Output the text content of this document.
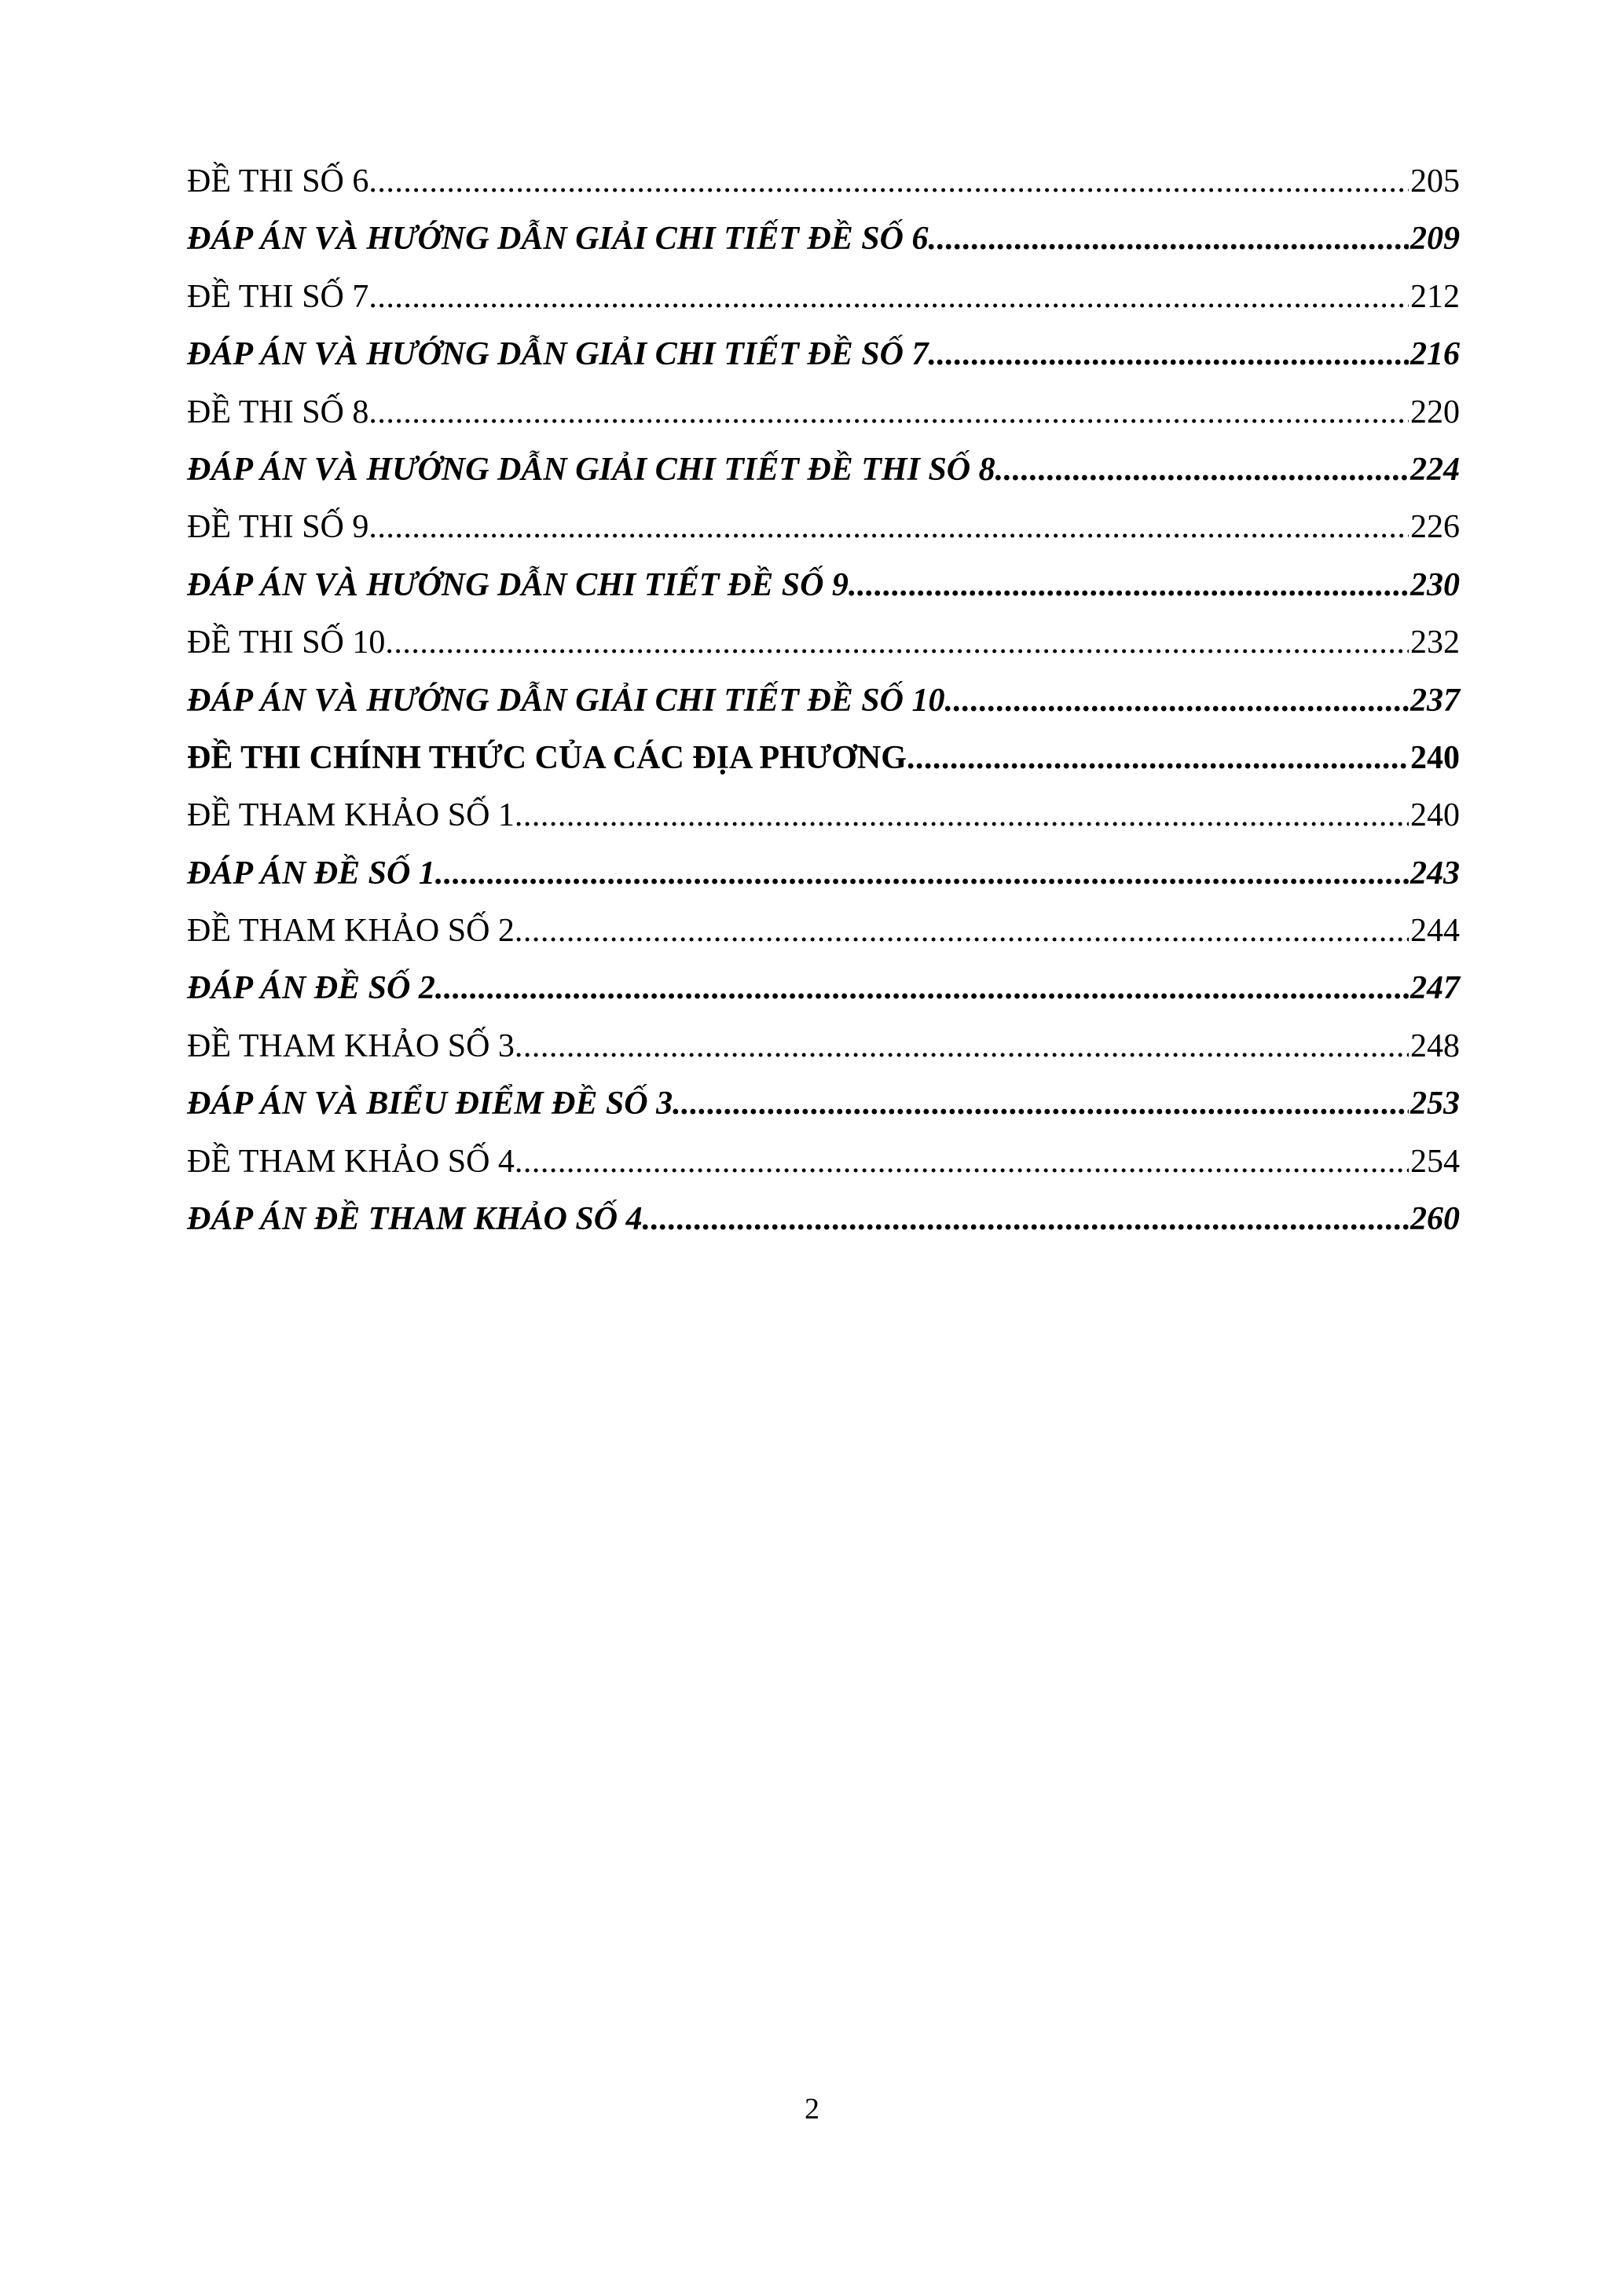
ĐỀ THI SỐ 6 .....	205
ĐÁP ÁN VÀ HƯỚNG DẪN GIẢI CHI TIẾT ĐỀ SỐ 6 .....	209
ĐỀ THI SỐ 7 .....	212
ĐÁP ÁN VÀ HƯỚNG DẪN GIẢI CHI TIẾT ĐỀ SỐ 7 .....	216
ĐỀ THI SỐ 8 .....	220
ĐÁP ÁN VÀ HƯỚNG DẪN GIẢI CHI TIẾT ĐỀ THI SỐ 8 .....	224
ĐỀ THI SỐ 9 .....	226
ĐÁP ÁN VÀ HƯỚNG DẪN CHI TIẾT ĐỀ SỐ 9 .....	230
ĐỀ THI SỐ 10 .....	232
ĐÁP ÁN VÀ HƯỚNG DẪN GIẢI CHI TIẾT ĐỀ SỐ 10 .....	237
ĐỀ THI CHÍNH THỨC CỦA CÁC ĐỊA PHƯƠNG .....	240
ĐỀ THAM KHẢO SỐ 1 .....	240
ĐÁP ÁN ĐỀ SỐ 1 .....	243
ĐỀ THAM KHẢO SỐ 2 .....	244
ĐÁP ÁN ĐỀ SỐ 2 .....	247
ĐỀ THAM KHẢO SỐ 3 .....	248
ĐÁP ÁN VÀ BIỂU ĐIỂM ĐỀ SỐ 3 .....	253
ĐỀ THAM KHẢO SỐ 4 .....	254
ĐÁP ÁN ĐỀ THAM KHẢO SỐ 4 .....	260
2
